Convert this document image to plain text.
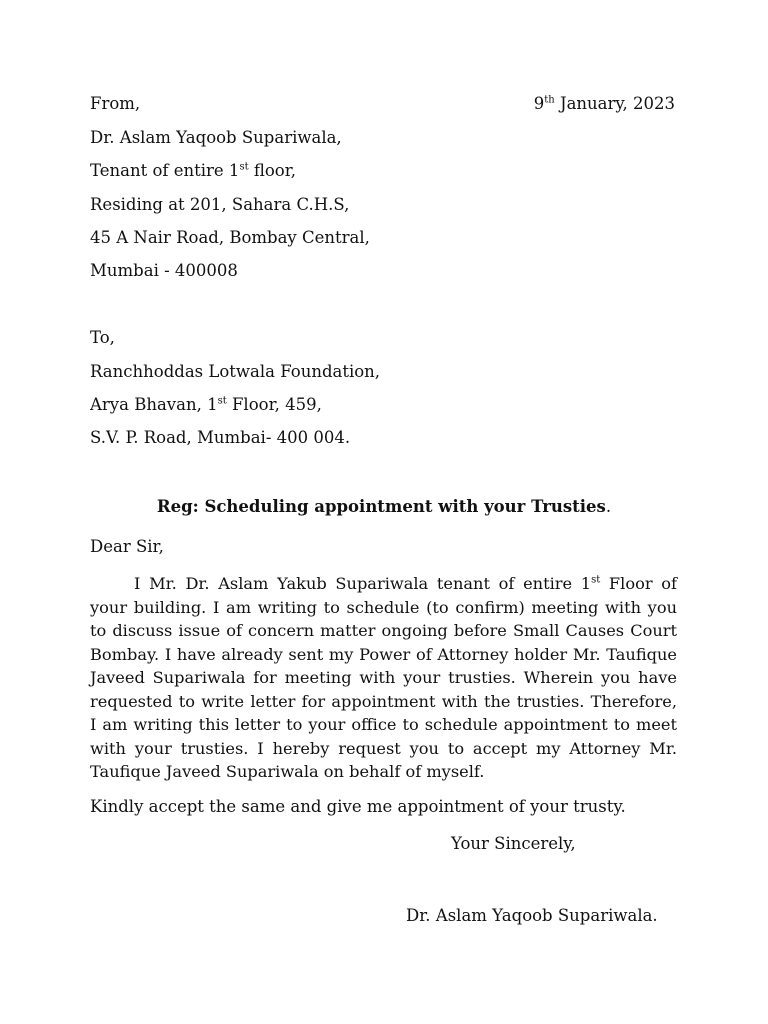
9th January, 2023
From,
Dr. Aslam Yaqoob Supariwala,
Tenant of entire 1st floor,
Residing at 201, Sahara C.H.S,
45 A Nair Road, Bombay Central,
Mumbai - 400008
To,
Ranchhoddas Lotwala Foundation,
Arya Bhavan, 1st Floor, 459,
S.V. P. Road, Mumbai- 400 004.
Reg: Scheduling appointment with your Trusties.
Dear Sir,
I Mr. Dr. Aslam Yakub Supariwala tenant of entire 1st Floor of your building. I am writing to schedule (to confirm) meeting with you to discuss issue of concern matter ongoing before Small Causes Court Bombay. I have already sent my Power of Attorney holder Mr. Taufique Javeed Supariwala for meeting with your trusties. Wherein you have requested to write letter for appointment with the trusties. Therefore, I am writing this letter to your office to schedule appointment to meet with your trusties. I hereby request you to accept my Attorney Mr. Taufique Javeed Supariwala on behalf of myself.
Kindly accept the same and give me appointment of your trusty.
Your Sincerely,
Dr. Aslam Yaqoob Supariwala.
